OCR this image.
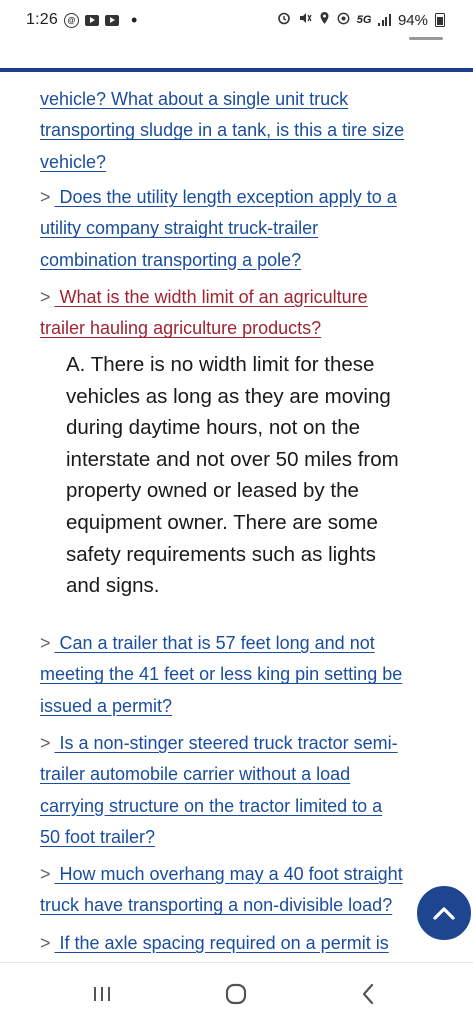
1:26	@	•	5G 94%
vehicle? What about a single unit truck
transporting sludge in a tank, is this a tire size
vehicle?
> Does the utility length exception apply to a
utility company straight truck-trailer
combination transporting a pole?
> What is the width limit of an agriculture
trailer hauling agriculture products?
A. There is no width limit for these
vehicles as long as they are moving
during daytime hours, not on the
interstate and not over 50 miles from
property owned or leased by the
equipment owner. There are some
safety requirements such as lights
and signs.
> Can a trailer that is 57 feet long and not
meeting the 41 feet or less king pin setting be
issued a permit?
> Is a non-stinger steered truck tractor semi-
trailer automobile carrier without a load
carrying structure on the tractor limited to a
50 foot trailer?
> How much overhang may a 40 foot straight
truck have transporting a non-divisible load?
> If the axle spacing required on a permit is
